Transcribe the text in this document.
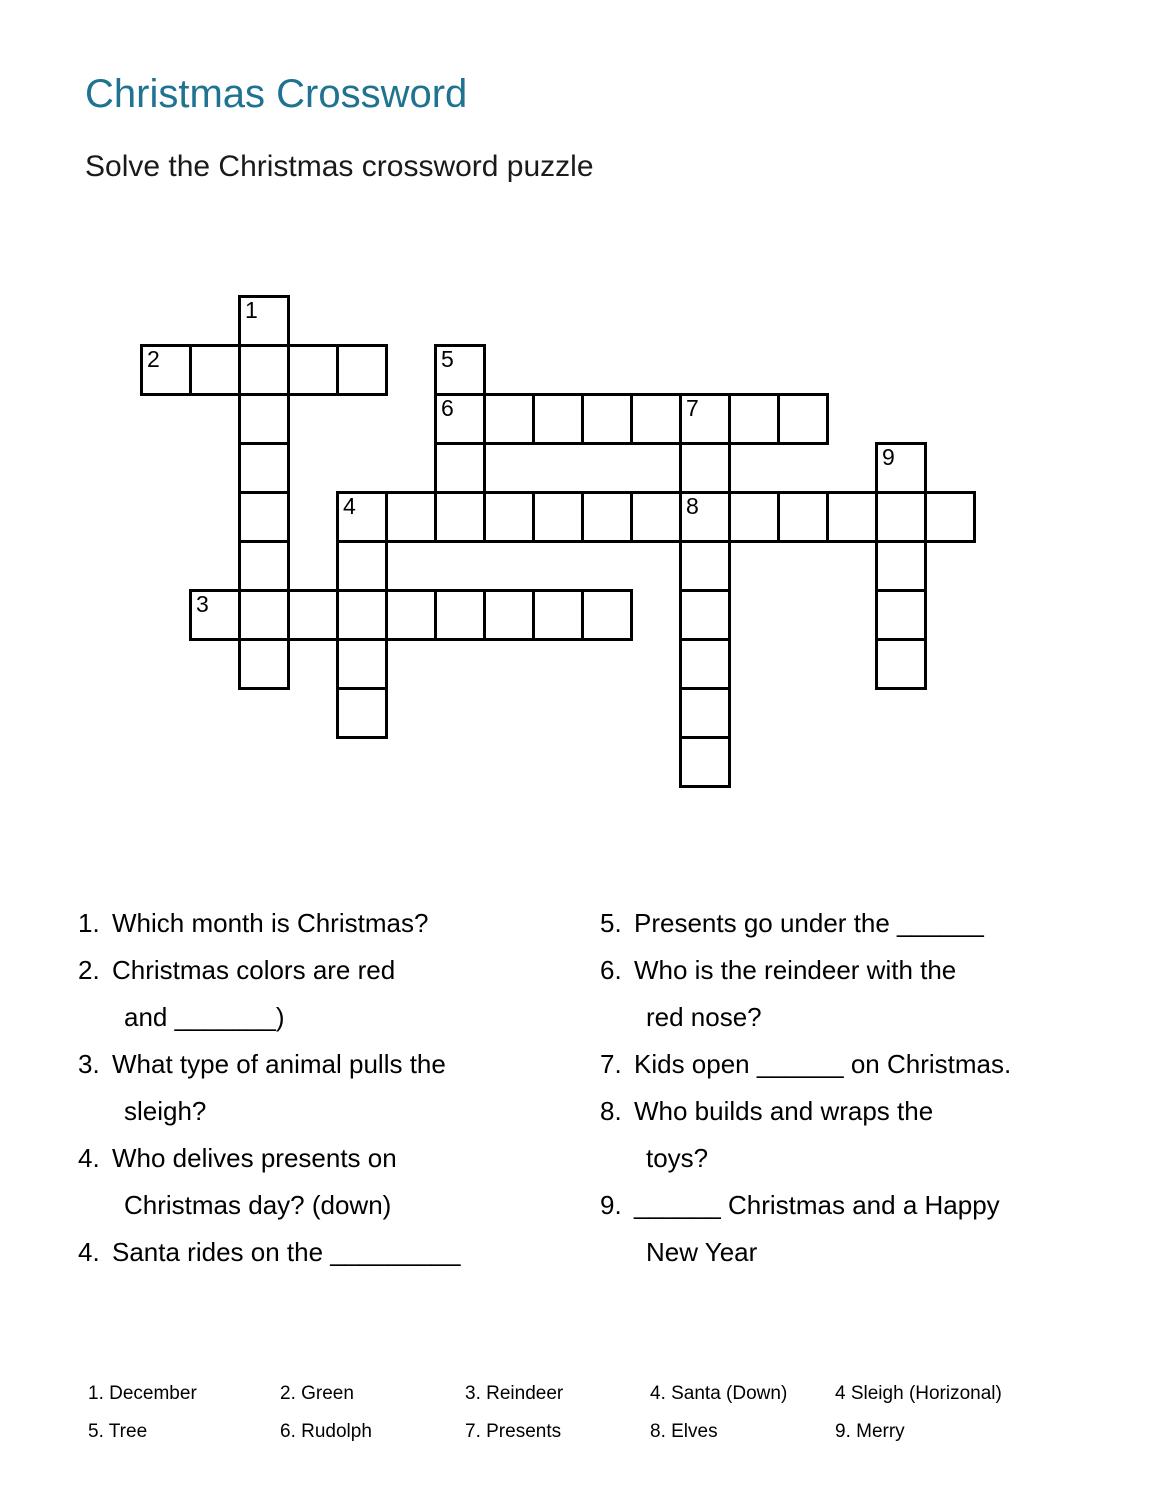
Christmas Crossword
Solve the Christmas crossword puzzle
1
2	5
6	7
9
4	8
3
1. Which month is Christmas?
2. Christmas colors are red
and _______)
3. What type of animal pulls the
sleigh?
4. Who delives presents on
Christmas day? (down)
4. Santa rides on the _________
5. Presents go under the ______
6. Who is the reindeer with the
red nose?
7. Kids open ______ on Christmas.
8. Who builds and wraps the
toys?
9. ______ Christmas and a Happy
New Year
1. December	2. Green	3. Reindeer	4. Santa (Down)	4 Sleigh (Horizonal)
5. Tree	6. Rudolph	7. Presents	8. Elves	9. Merry
